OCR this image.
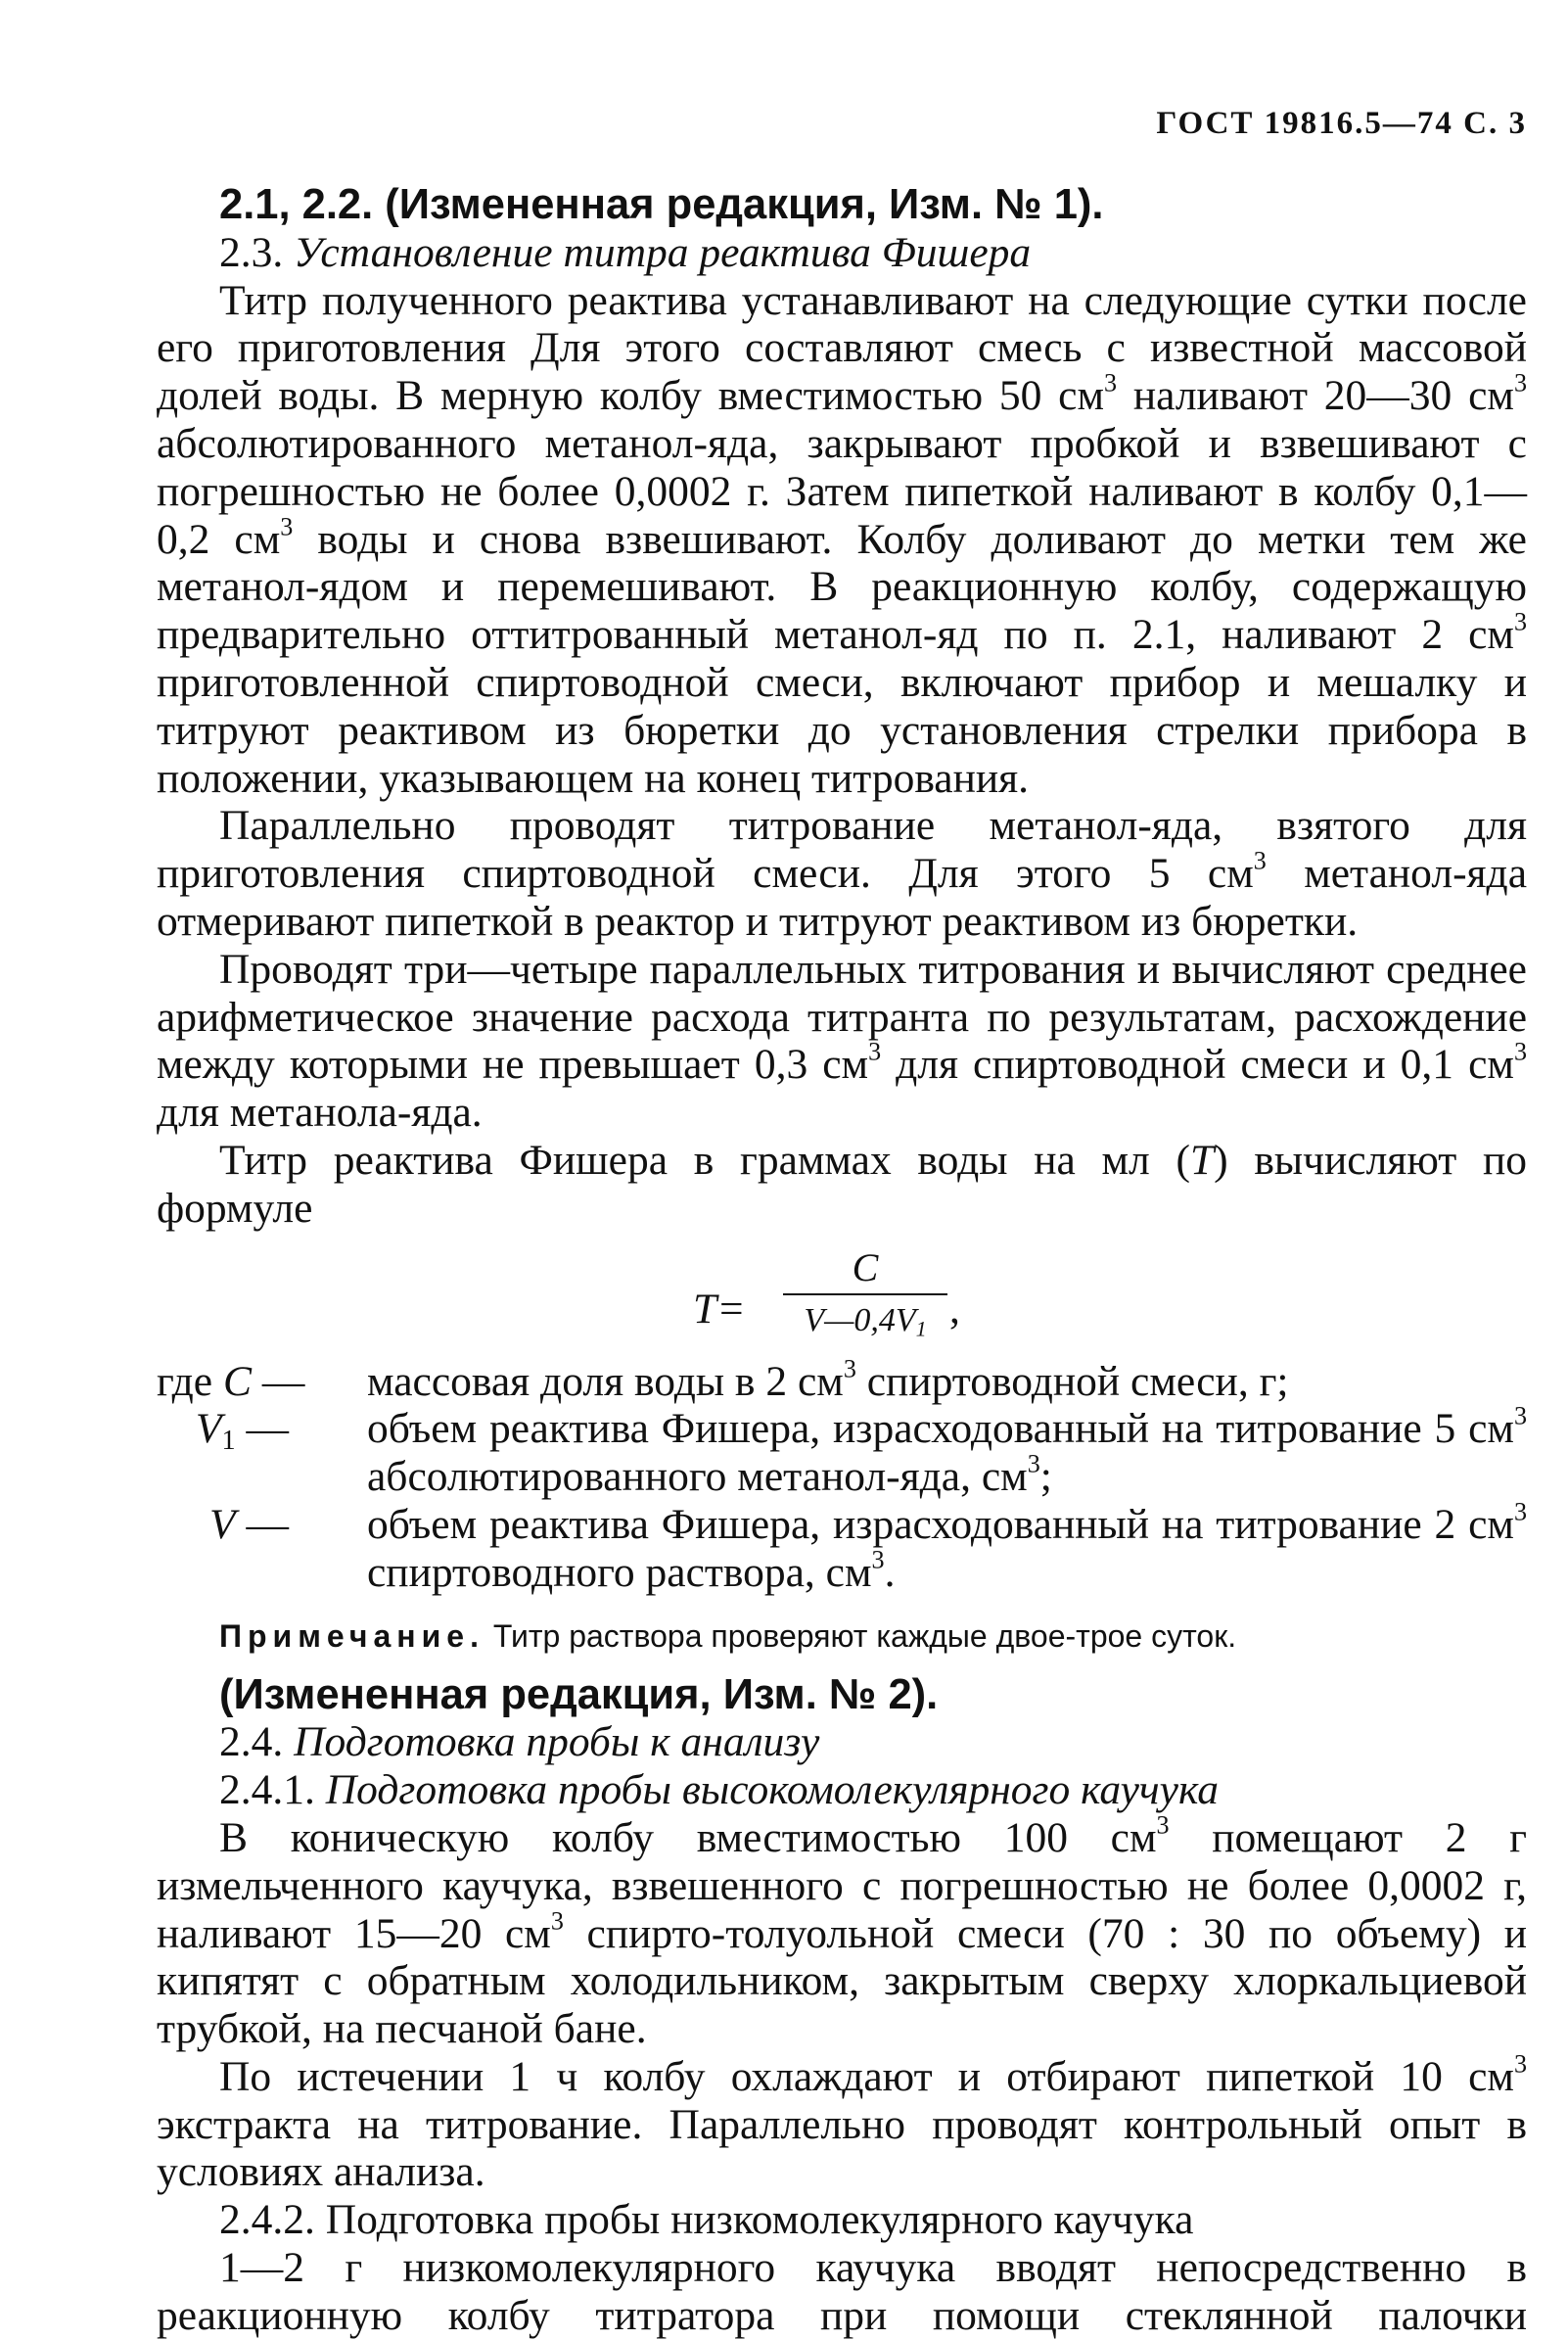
ГОСТ 19816.5—74 С. 3
2.1, 2.2. (Измененная редакция, Изм. № 1).
2.3. Установление титра реактива Фишера
Титр полученного реактива устанавливают на следующие сутки после его приготовления Для этого составляют смесь с известной массовой долей воды. В мерную колбу вместимостью 50 $см^3$ наливают 20—30 $см^3$ абсолютированного метанол-яда, закрывают пробкой и взвешивают с погрешностью не более 0,0002 г. Затем пипеткой наливают в колбу 0,1—0,2 $см^3$ воды и снова взвешивают. Колбу доливают до метки тем же метанол-ядом и перемешивают. В реакционную колбу, содержащую предварительно оттитрованный метанол-яд по п. 2.1, наливают 2 $см^3$ приготовленной спиртоводной смеси, включают прибор и мешалку и титруют реактивом из бюретки до установления стрелки прибора в положении, указывающем на конец титрования.
Параллельно проводят титрование метанол-яда, взятого для приготовления спиртоводной смеси. Для этого 5 $см^3$ метанол-яда отмеривают пипеткой в реактор и титруют реактивом из бюретки.
Проводят три—четыре параллельных титрования и вычисляют среднее арифметическое значение расхода титранта по результатам, расхождение между которыми не превышает 0,3 $см^3$ для спиртоводной смеси и 0,1 $см^3$ для метанола-яда.
Титр реактива Фишера в граммах воды на мл (Т) вычисляют по формуле
Т=
С
$V—0,4V_1$ ,
где С — массовая доля воды в 2 $см^3$ спиртоводной смеси, г;
$V_1$ — объем реактива Фишера, израсходованный на титрование 5 $см^3$ абсолютированного метанол-яда, $см^3$;
V — объем реактива Фишера, израсходованный на титрование 2 $см^3$ спиртоводного раствора, $см^3$.
Примечание. Титр раствора проверяют каждые двое-трое суток.
(Измененная редакция, Изм. № 2).
2.4. Подготовка пробы к анализу
2.4.1. Подготовка пробы высокомолекулярного каучука
В коническую колбу вместимостью 100 $см^3$ помещают 2 г измельченного каучука, взвешенного с погрешностью не более 0,0002 г, наливают 15—20 $см^3$ спирто-толуольной смеси (70 : 30 по объему) и кипятят с обратным холодильником, закрытым сверху хлоркальциевой трубкой, на песчаной бане.
По истечении 1 ч колбу охлаждают и отбирают пипеткой 10 $см^3$ экстракта на титрование. Параллельно проводят контрольный опыт в условиях анализа.
2.4.2. Подготовка пробы низкомолекулярного каучука
1—2 г низкомолекулярного каучука вводят непосредственно в реакционную колбу титратора при помощи стеклянной палочки
